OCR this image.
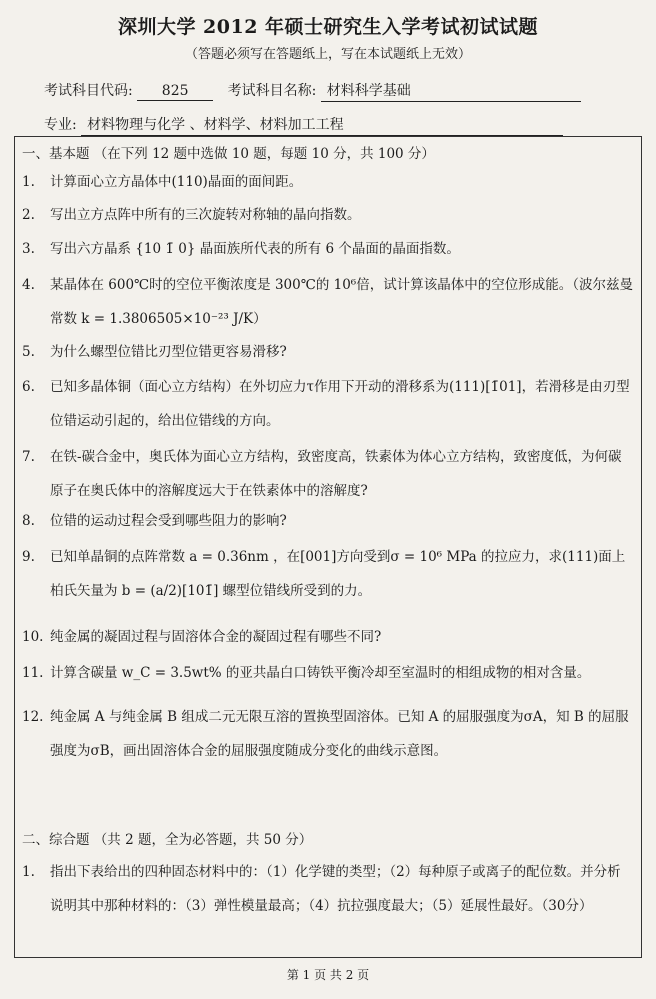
深圳大学 2012 年硕士研究生入学考试初试试题
（答题必须写在答题纸上，写在本试题纸上无效）
考试科目代码: 825	考试科目名称: 材料科学基础
专业: 材料物理与化学 、材料学、材料加工工程
一、基本题 （在下列 12 题中选做 10 题，每题 10 分，共 100 分）
1. 计算面心立方晶体中(110)晶面的面间距。
2. 写出立方点阵中所有的三次旋转对称轴的晶向指数。
3. 写出六方晶系 {10 1̄ 0} 晶面族所代表的所有 6 个晶面的晶面指数。
4. 某晶体在 600℃时的空位平衡浓度是 300℃的 10⁶倍，试计算该晶体中的空位形成能。（波尔兹曼常数 k = 1.3806505×10⁻²³ J/K）
5. 为什么螺型位错比刃型位错更容易滑移?
6. 已知多晶体铜（面心立方结构）在外切应力τ作用下开动的滑移系为(111)[1̄01]，若滑移是由刃型位错运动引起的，给出位错线的方向。
7. 在铁-碳合金中，奥氏体为面心立方结构，致密度高，铁素体为体心立方结构，致密度低，为何碳原子在奥氏体中的溶解度远大于在铁素体中的溶解度?
8. 位错的运动过程会受到哪些阻力的影响?
9. 已知单晶铜的点阵常数 a = 0.36nm ，在[001]方向受到σ = 10⁶ MPa 的拉应力，求(111)面上柏氏矢量为 b = (a/2)[101̄] 螺型位错线所受到的力。
10. 纯金属的凝固过程与固溶体合金的凝固过程有哪些不同?
11. 计算含碳量 w_C = 3.5wt% 的亚共晶白口铸铁平衡冷却至室温时的相组成物的相对含量。
12. 纯金属 A 与纯金属 B 组成二元无限互溶的置换型固溶体。已知 A 的屈服强度为σA，知 B 的屈服强度为σB，画出固溶体合金的屈服强度随成分变化的曲线示意图。
二、综合题 （共 2 题，全为必答题，共 50 分）
1. 指出下表给出的四种固态材料中的：（1）化学键的类型；（2）每种原子或离子的配位数。并分析说明其中那种材料的：（3）弹性模量最高；（4）抗拉强度最大；（5）延展性最好。（30分）
第 1 页 共 2 页
